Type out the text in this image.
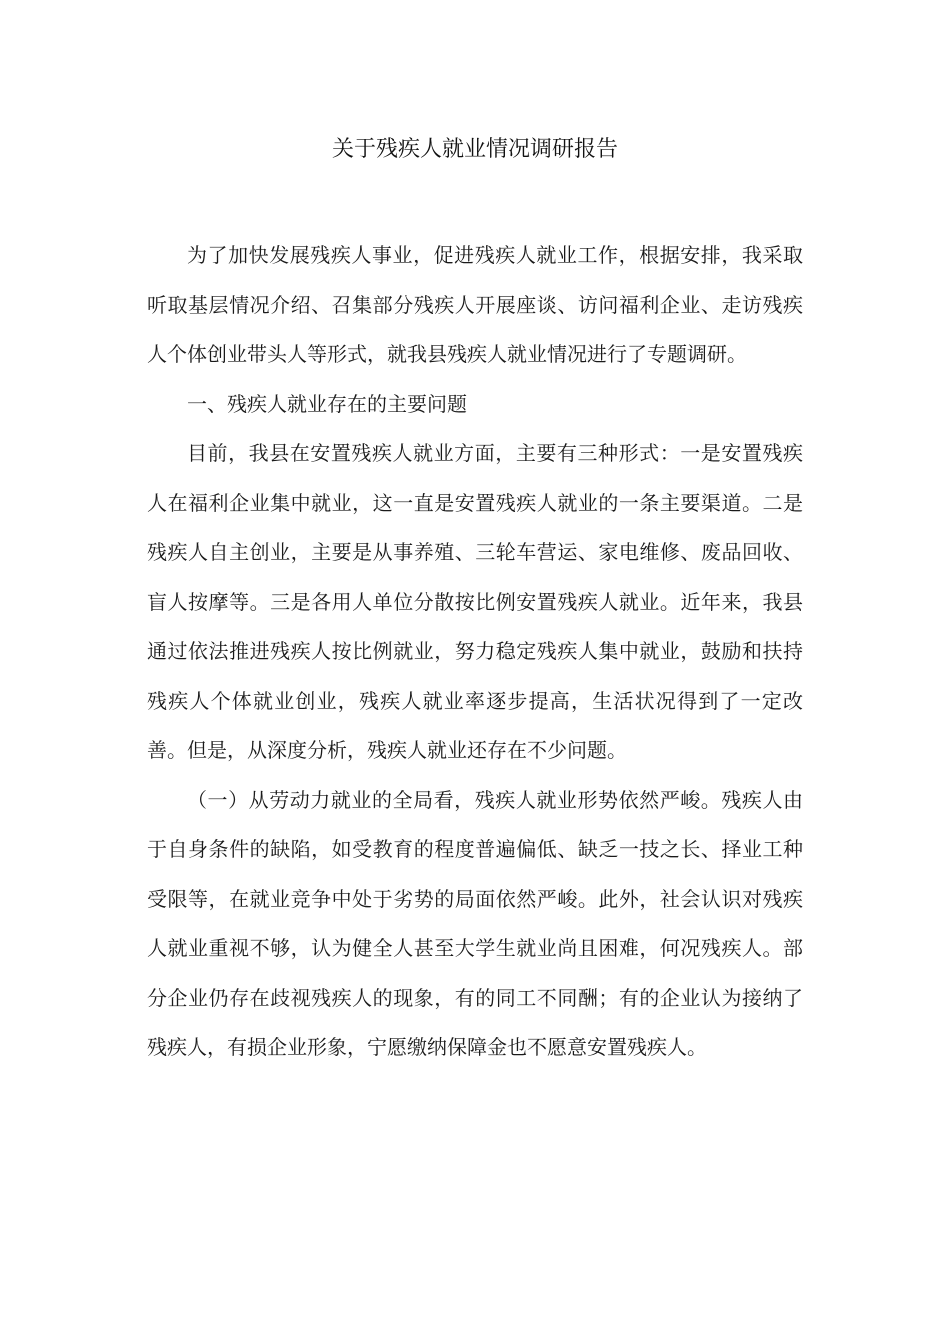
关于残疾人就业情况调研报告

为了加快发展残疾人事业，促进残疾人就业工作，根据安排，我采取听取基层情况介绍、召集部分残疾人开展座谈、访问福利企业、走访残疾人个体创业带头人等形式，就我县残疾人就业情况进行了专题调研。

一、残疾人就业存在的主要问题

目前，我县在安置残疾人就业方面，主要有三种形式：一是安置残疾人在福利企业集中就业，这一直是安置残疾人就业的一条主要渠道。二是残疾人自主创业，主要是从事养殖、三轮车营运、家电维修、废品回收、盲人按摩等。三是各用人单位分散按比例安置残疾人就业。近年来，我县通过依法推进残疾人按比例就业，努力稳定残疾人集中就业，鼓励和扶持残疾人个体就业创业，残疾人就业率逐步提高，生活状况得到了一定改善。但是，从深度分析，残疾人就业还存在不少问题。

（一）从劳动力就业的全局看，残疾人就业形势依然严峻。残疾人由于自身条件的缺陷，如受教育的程度普遍偏低、缺乏一技之长、择业工种受限等，在就业竞争中处于劣势的局面依然严峻。此外，社会认识对残疾人就业重视不够，认为健全人甚至大学生就业尚且困难，何况残疾人。部分企业仍存在歧视残疾人的现象，有的同工不同酬；有的企业认为接纳了残疾人，有损企业形象，宁愿缴纳保障金也不愿意安置残疾人。
